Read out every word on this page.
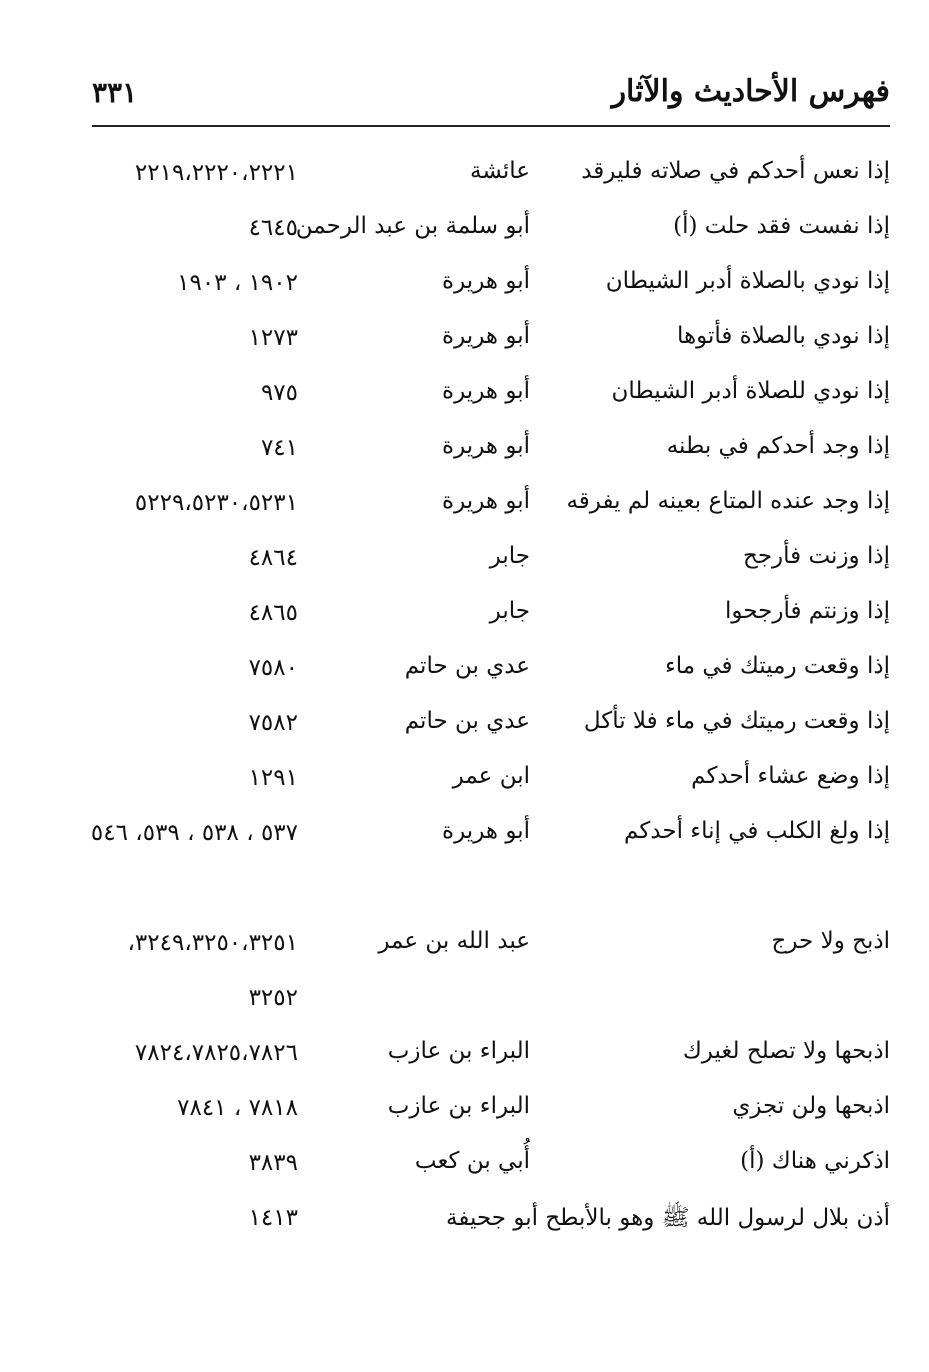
فهرس الأحاديث والآثار
٣٣١
إذا نعس أحدكم في صلاته فليرقد
عائشة
٢٢١٩،٢٢٢٠،٢٢٢١
إذا نفست فقد حلت (أ)
أبو سلمة بن عبد الرحمن
٤٦٤٥
إذا نودي بالصلاة أدبر الشيطان
أبو هريرة
١٩٠٢ ، ١٩٠٣
إذا نودي بالصلاة فأتوها
أبو هريرة
١٢٧٣
إذا نودي للصلاة أدبر الشيطان
أبو هريرة
٩٧٥
إذا وجد أحدكم في بطنه
أبو هريرة
٧٤١
إذا وجد عنده المتاع بعينه لم يفرقه
أبو هريرة
٥٢٢٩،٥٢٣٠،٥٢٣١
إذا وزنت فأرجح
جابر
٤٨٦٤
إذا وزنتم فأرجحوا
جابر
٤٨٦٥
إذا وقعت رميتك في ماء
عدي بن حاتم
٧٥٨٠
إذا وقعت رميتك في ماء فلا تأكل
عدي بن حاتم
٧٥٨٢
إذا وضع عشاء أحدكم
ابن عمر
١٢٩١
إذا ولغ الكلب في إناء أحدكم
أبو هريرة
٥٣٧ ، ٥٣٨ ، ٥٣٩، ٥٤٦
اذبح ولا حرج
عبد الله بن عمر
٣٢٤٩،٣٢٥٠،٣٢٥١، ٣٢٥٢
اذبحها ولا تصلح لغيرك
البراء بن عازب
٧٨٢٤،٧٨٢٥،٧٨٢٦
اذبحها ولن تجزي
البراء بن عازب
٧٨١٨ ، ٧٨٤١
اذكرني هناك (أ)
أُبي بن كعب
٣٨٣٩
أذن بلال لرسول الله ﷺ وهو بالأبطح أبو جحيفة
١٤١٣
